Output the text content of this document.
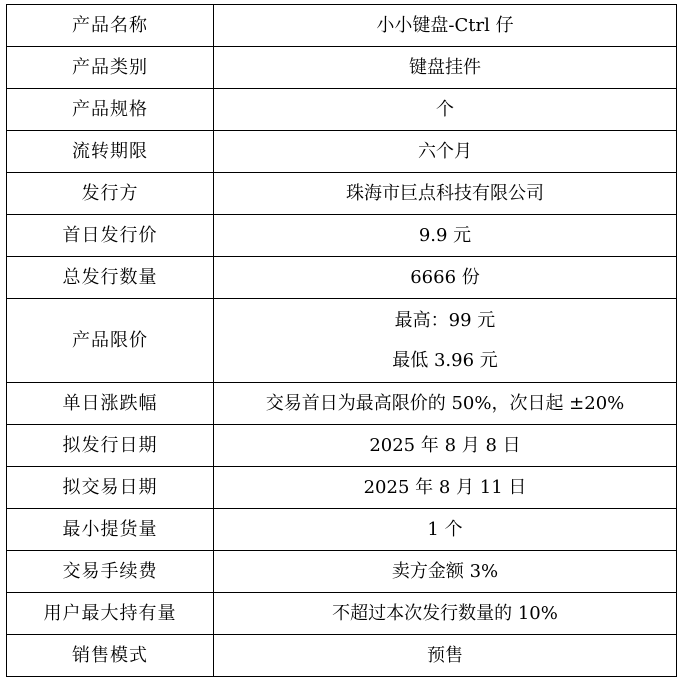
产品名称	小小键盘-Ctrl 仔
产品类别	键盘挂件
产品规格	个
流转期限	六个月
发行方	珠海市巨点科技有限公司
首日发行价	9.9 元
总发行数量	6666 份
产品限价	最高：99 元
最低 3.96 元

单日涨跌幅	交易首日为最高限价的 50%，次日起 ±20%
拟发行日期	2025 年 8 月 8 日
拟交易日期	2025 年 8 月 11 日
最小提货量	1 个
交易手续费	卖方金额 3%
用户最大持有量	不超过本次发行数量的 10%
销售模式	预售
